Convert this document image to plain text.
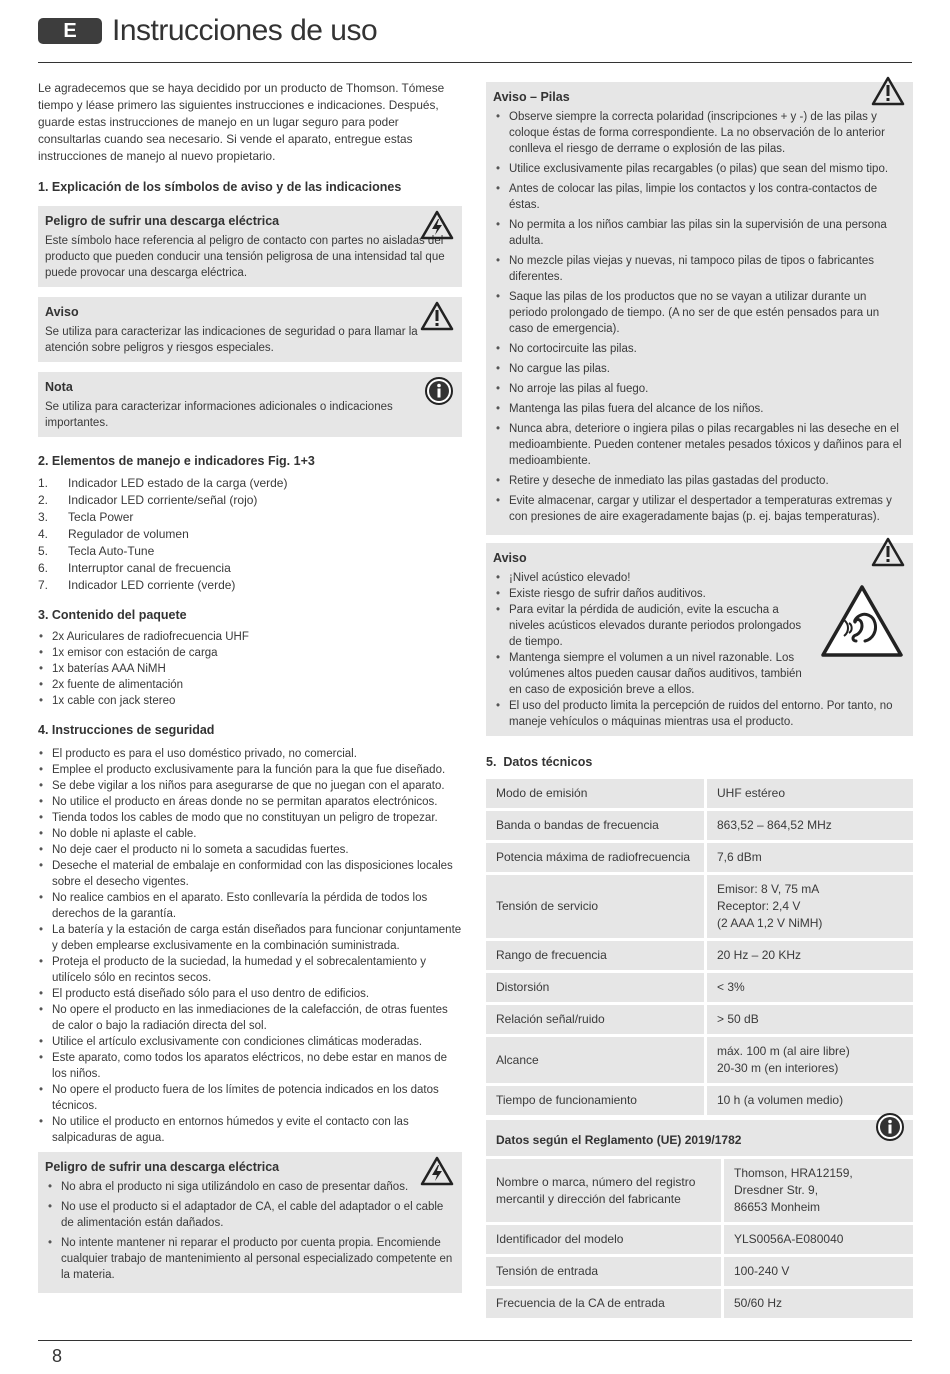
E	Instrucciones de uso

Le agradecemos que se haya decidido por un producto de Thomson. Tómese tiempo y léase primero las siguientes instrucciones e indicaciones. Después, guarde estas instrucciones de manejo en un lugar seguro para poder consultarlas cuando sea necesario. Si vende el aparato, entregue estas instrucciones de manejo al nuevo propietario.

1. Explicación de los símbolos de aviso y de las indicaciones
Peligro de sufrir una descarga eléctrica

Este símbolo hace referencia al peligro de contacto con partes no aisladas del producto que pueden conducir una tensión peligrosa de una intensidad tal que puede provocar una descarga eléctrica.

Aviso

Se utiliza para caracterizar las indicaciones de seguridad o para llamar la atención sobre peligros y riesgos especiales.

Nota

Se utiliza para caracterizar informaciones adicionales o indicaciones importantes.

2. Elementos de manejo e indicadores Fig. 1+3
1.	Indicador LED estado de la carga (verde)
2.	Indicador LED corriente/señal (rojo)
3.	Tecla Power
4.	Regulador de volumen
5.	Tecla Auto-Tune
6.	Interruptor canal de frecuencia
7.	Indicador LED corriente (verde)
3. Contenido del paquete
• 2x Auriculares de radiofrecuencia UHF
• 1x emisor con estación de carga
• 1x baterías AAA NiMH
• 2x fuente de alimentación
• 1x cable con jack stereo
4. Instrucciones de seguridad
• El producto es para el uso doméstico privado, no comercial.
• Emplee el producto exclusivamente para la función para la que fue diseñado.
• Se debe vigilar a los niños para asegurarse de que no juegan con el aparato.
• No utilice el producto en áreas donde no se permitan aparatos electrónicos.
• Tienda todos los cables de modo que no constituyan un peligro de tropezar.
• No doble ni aplaste el cable.
• No deje caer el producto ni lo someta a sacudidas fuertes.
• Deseche el material de embalaje en conformidad con las disposiciones locales sobre el desecho vigentes.
• No realice cambios en el aparato. Esto conllevaría la pérdida de todos los derechos de la garantía.
• La batería y la estación de carga están diseñados para funcionar conjuntamente y deben emplearse exclusivamente en la combinación suministrada.
• Proteja el producto de la suciedad, la humedad y el sobrecalentamiento y utilícelo sólo en recintos secos.
• El producto está diseñado sólo para el uso dentro de edificios.
• No opere el producto en las inmediaciones de la calefacción, de otras fuentes de calor o bajo la radiación directa del sol.
• Utilice el artículo exclusivamente con condiciones climáticas moderadas.
• Este aparato, como todos los aparatos eléctricos, no debe estar en manos de los niños.
• No opere el producto fuera de los límites de potencia indicados en los datos técnicos.
• No utilice el producto en entornos húmedos y evite el contacto con las salpicaduras de agua.
Peligro de sufrir una descarga eléctrica
• No abra el producto ni siga utilizándolo en caso de presentar daños.
• No use el producto si el adaptador de CA, el cable del adaptador o el cable de alimentación están dañados.
• No intente mantener ni reparar el producto por cuenta propia. Encomiende cualquier trabajo de mantenimiento al personal especializado competente en la materia.
Aviso – Pilas
• Observe siempre la correcta polaridad (inscripciones + y -) de las pilas y coloque éstas de forma correspondiente. La no observación de lo anterior conlleva el riesgo de derrame o explosión de las pilas.
• Utilice exclusivamente pilas recargables (o pilas) que sean del mismo tipo.
• Antes de colocar las pilas, limpie los contactos y los contra-contactos de éstas.
• No permita a los niños cambiar las pilas sin la supervisión de una persona adulta.
• No mezcle pilas viejas y nuevas, ni tampoco pilas de tipos o fabricantes diferentes.
• Saque las pilas de los productos que no se vayan a utilizar durante un periodo prolongado de tiempo. (A no ser de que estén pensados para un caso de emergencia).
• No cortocircuite las pilas.
• No cargue las pilas.
• No arroje las pilas al fuego.
• Mantenga las pilas fuera del alcance de los niños.
• Nunca abra, deteriore o ingiera pilas o pilas recargables ni las deseche en el medioambiente. Pueden contener metales pesados tóxicos y dañinos para el medioambiente.
• Retire y deseche de inmediato las pilas gastadas del producto.
• Evite almacenar, cargar y utilizar el despertador a temperaturas extremas y con presiones de aire exageradamente bajas (p. ej. bajas temperaturas).
Aviso
• ¡Nivel acústico elevado!
• Existe riesgo de sufrir daños auditivos.
• Para evitar la pérdida de audición, evite la escucha a niveles acústicos elevados durante periodos prolongados de tiempo.
• Mantenga siempre el volumen a un nivel razonable. Los volúmenes altos pueden causar daños auditivos, también en caso de exposición breve a ellos.
• El uso del producto limita la percepción de ruidos del entorno. Por tanto, no maneje vehículos o máquinas mientras usa el producto.
5.  Datos técnicos
Modo de emisión	UHF estéreo
Banda o bandas de frecuencia	863,52 – 864,52 MHz
Potencia máxima de radiofrecuencia	7,6 dBm
Tensión de servicio	Emisor: 8 V, 75 mA
Receptor: 2,4 V
(2 AAA 1,2 V NiMH)
Rango de frecuencia	20 Hz – 20 KHz
Distorsión	< 3%
Relación señal/ruido	> 50 dB
Alcance	máx. 100 m (al aire libre)
20-30 m (en interiores)
Tiempo de funcionamiento	10 h (a volumen medio)
Datos según el Reglamento (UE) 2019/1782
Nombre o marca, número del registro mercantil y dirección del fabricante	Thomson, HRA12159,
Dresdner Str. 9,
86653 Monheim
Identificador del modelo	YLS0056A-E080040
Tensión de entrada	100-240 V
Frecuencia de la CA de entrada	50/60 Hz
8
